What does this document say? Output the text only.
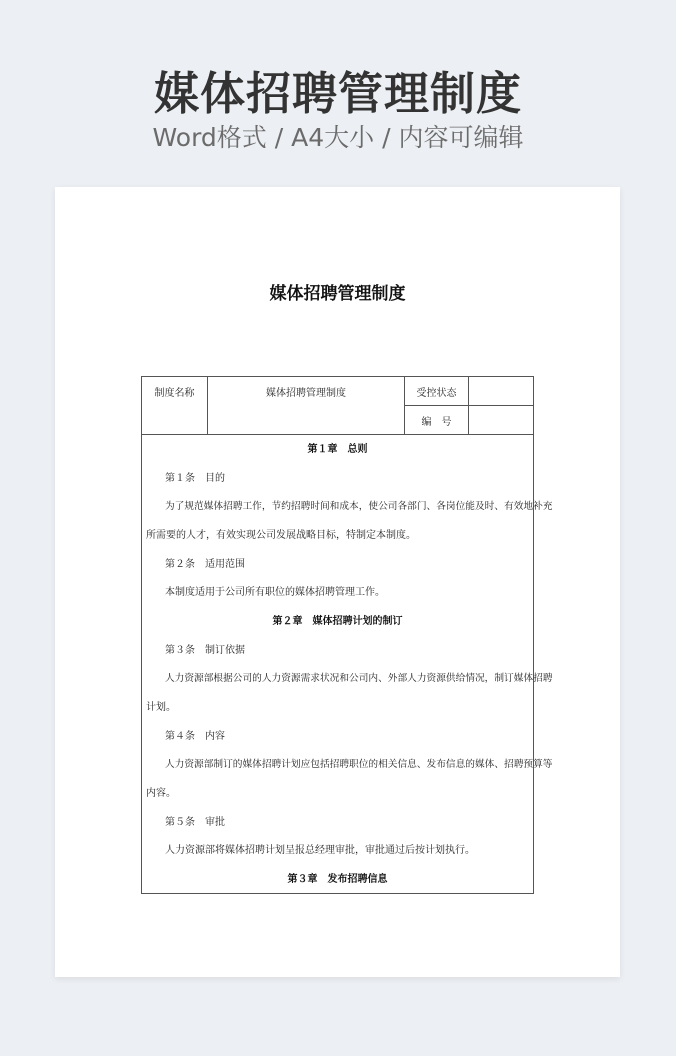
媒体招聘管理制度
Word格式 / A4大小 / 内容可编辑
媒体招聘管理制度
制度名称	媒体招聘管理制度	受控状态
编　号
第１章　总则
第１条　目的
为了规范媒体招聘工作，节约招聘时间和成本，使公司各部门、各岗位能及时、有效地补充
所需要的人才，有效实现公司发展战略目标，特制定本制度。
第２条　适用范围
本制度适用于公司所有职位的媒体招聘管理工作。
第２章　媒体招聘计划的制订
第３条　制订依据
人力资源部根据公司的人力资源需求状况和公司内、外部人力资源供给情况，制订媒体招聘
计划。
第４条　内容
人力资源部制订的媒体招聘计划应包括招聘职位的相关信息、发布信息的媒体、招聘预算等
内容。
第５条　审批
人力资源部将媒体招聘计划呈报总经理审批，审批通过后按计划执行。
第３章　发布招聘信息
